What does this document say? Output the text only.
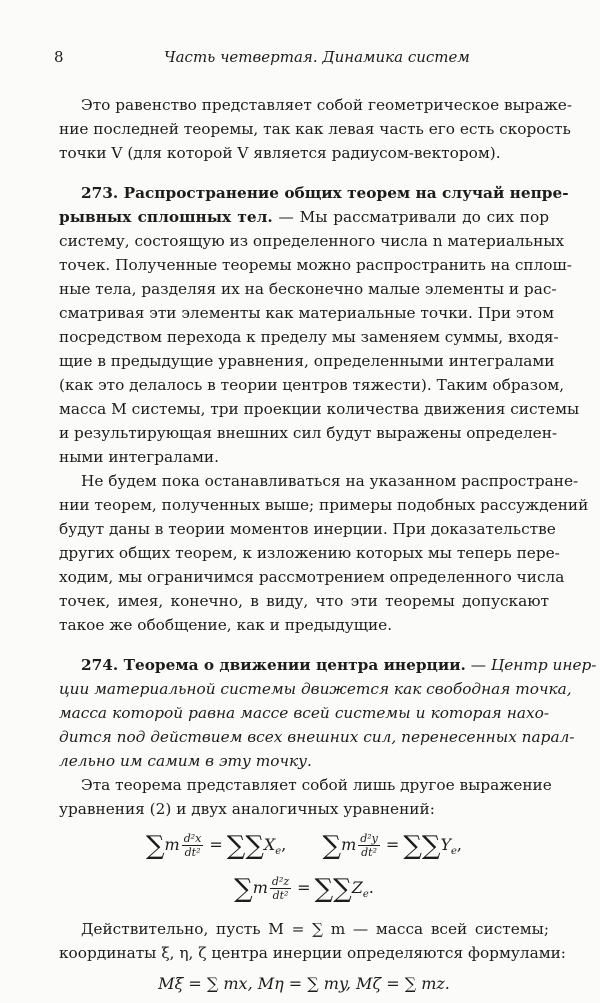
8	Часть четвертая. Динамика систем
Это равенство представляет собой геометрическое выраже-
ние последней теоремы, так как левая часть его есть скорость
точки V (для которой V является радиусом-вектором).
273. Распространение общих теорем на случай непре-
рывных сплошных тел. — Мы рассматривали до сих пор
систему, состоящую из определенного числа n материальных
точек. Полученные теоремы можно распространить на сплош-
ные тела, разделяя их на бесконечно малые элементы и рас-
сматривая эти элементы как материальные точки. При этом
посредством перехода к пределу мы заменяем суммы, входя-
щие в предыдущие уравнения, определенными интегралами
(как это делалось в теории центров тяжести). Таким образом,
масса M системы, три проекции количества движения системы
и результирующая внешних сил будут выражены определен-
ными интегралами.
Не будем пока останавливаться на указанном распростране-
нии теорем, полученных выше; примеры подобных рассуждений
будут даны в теории моментов инерции. При доказательстве
других общих теорем, к изложению которых мы теперь пере-
ходим, мы ограничимся рассмотрением определенного числа
точек, имея, конечно, в виду, что эти теоремы допускают
такое же обобщение, как и предыдущие.
274. Теорема о движении центра инерции. — Центр инер-
ции материальной системы движется как свободная точка,
масса которой равна массе всей системы и которая нахо-
дится под действием всех внешних сил, перенесенных парал-
лельно им самим в эту точку.
Эта теорема представляет собой лишь другое выражение
уравнения (2) и двух аналогичных уравнений:
$\sum m \frac{\text{d²x}}{\text{dt²}} = \sum\sum X_e$, $\sum m \frac{\text{d²y}}{\text{dt²}} = \sum\sum Y_e$,
$\sum m \frac{\text{d²z}}{\text{dt²}} = \sum\sum Z_e$.
Действительно, пусть M = ∑ m — масса всей системы;
координаты ξ, η, ζ центра инерции определяются формулами:
Mξ = ∑ mx, Mη = ∑ my, Mζ = ∑ mz.
